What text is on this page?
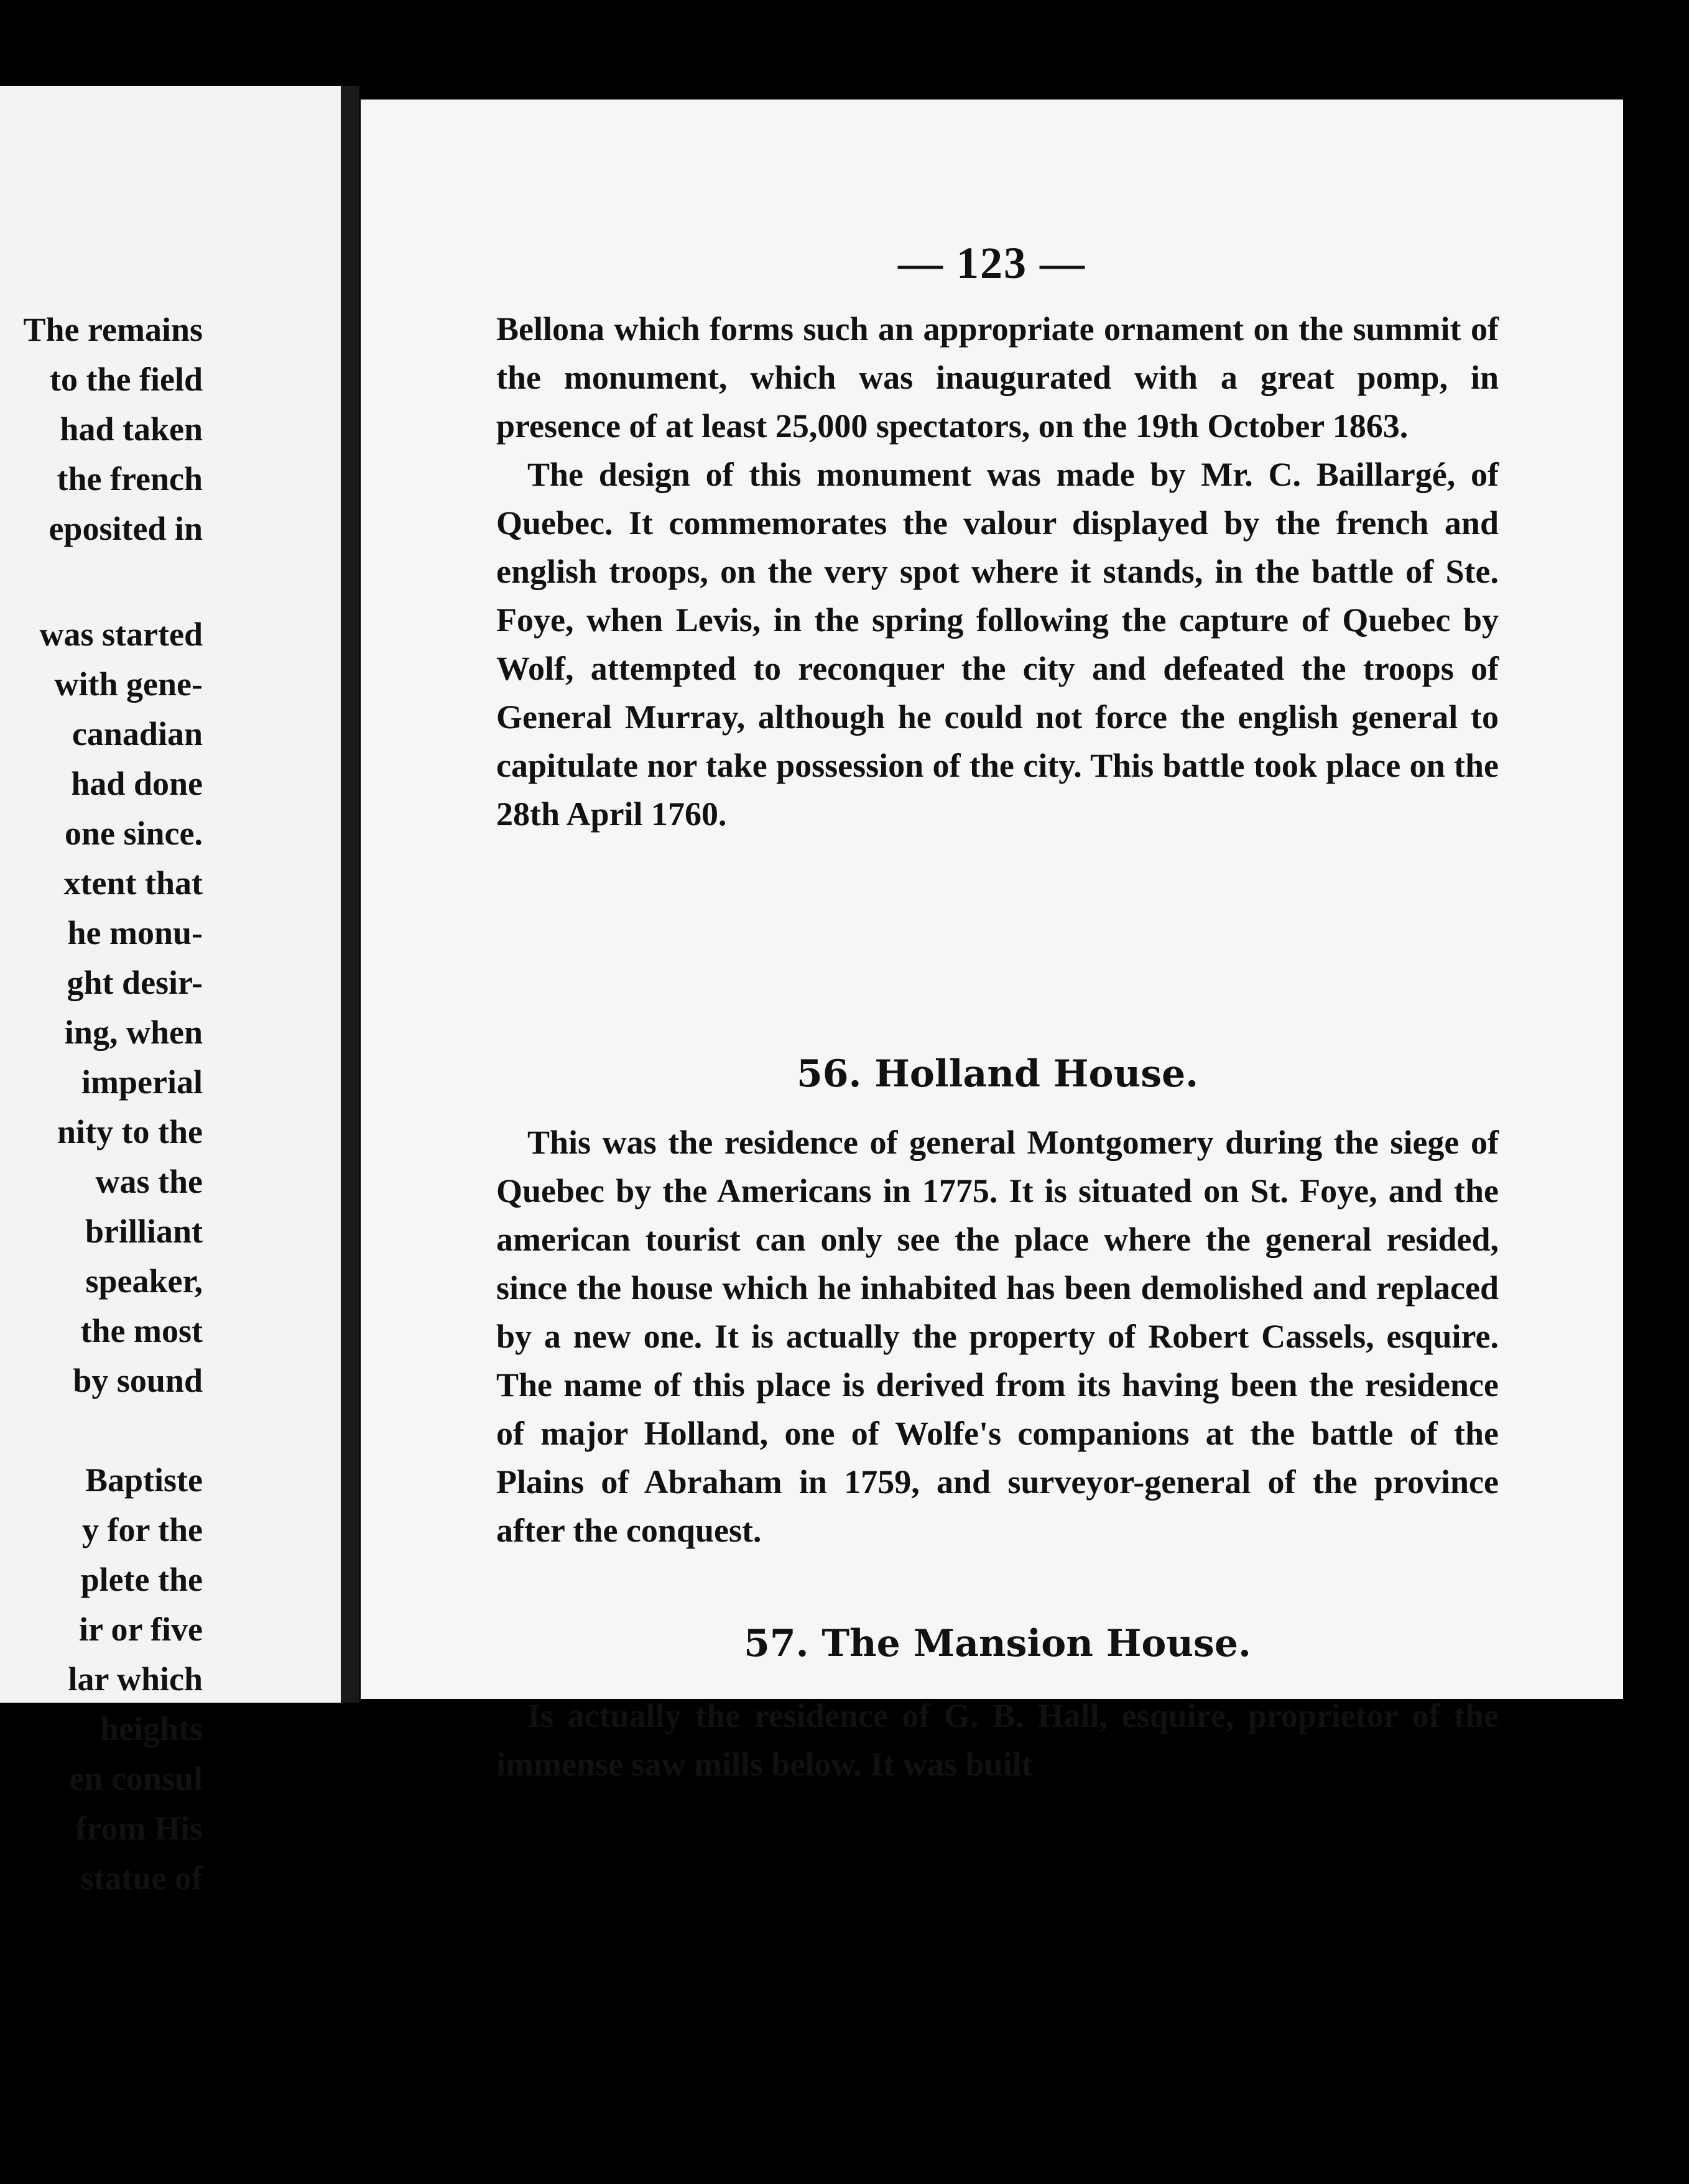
The remains
to the field
had taken
the french
eposited in
was started
with gene-
canadian
had done
one since.
xtent that
he monu-
ght desir-
ing, when
imperial
nity to the
was the
brilliant
speaker,
the most
by sound
Baptiste
y for the
plete the
ir or five
lar which
heights
en consul
from His
statue of
— 123 —

Bellona which forms such an appropriate ornament on the summit of the monument, which was inaugurated with a great pomp, in presence of at least 25,000 spectators, on the 19th October 1863.

The design of this monument was made by Mr. C. Baillargé, of Quebec. It commemorates the valour displayed by the french and english troops, on the very spot where it stands, in the battle of Ste. Foye, when Levis, in the spring following the capture of Quebec by Wolf, attempted to reconquer the city and defeated the troops of General Murray, although he could not force the english general to capitulate nor take possession of the city. This battle took place on the 28th April 1760.

56. Holland House.

This was the residence of general Montgomery during the siege of Quebec by the Americans in 1775. It is situated on St. Foye, and the american tourist can only see the place where the general resided, since the house which he inhabited has been demolished and replaced by a new one. It is actually the property of Robert Cassels, esquire. The name of this place is derived from its having been the residence of major Holland, one of Wolfe's companions at the battle of the Plains of Abraham in 1759, and surveyor-general of the province after the conquest.

57. The Mansion House.

Is actually the residence of G. B. Hall, esquire, proprietor of the immense saw mills below. It was built
